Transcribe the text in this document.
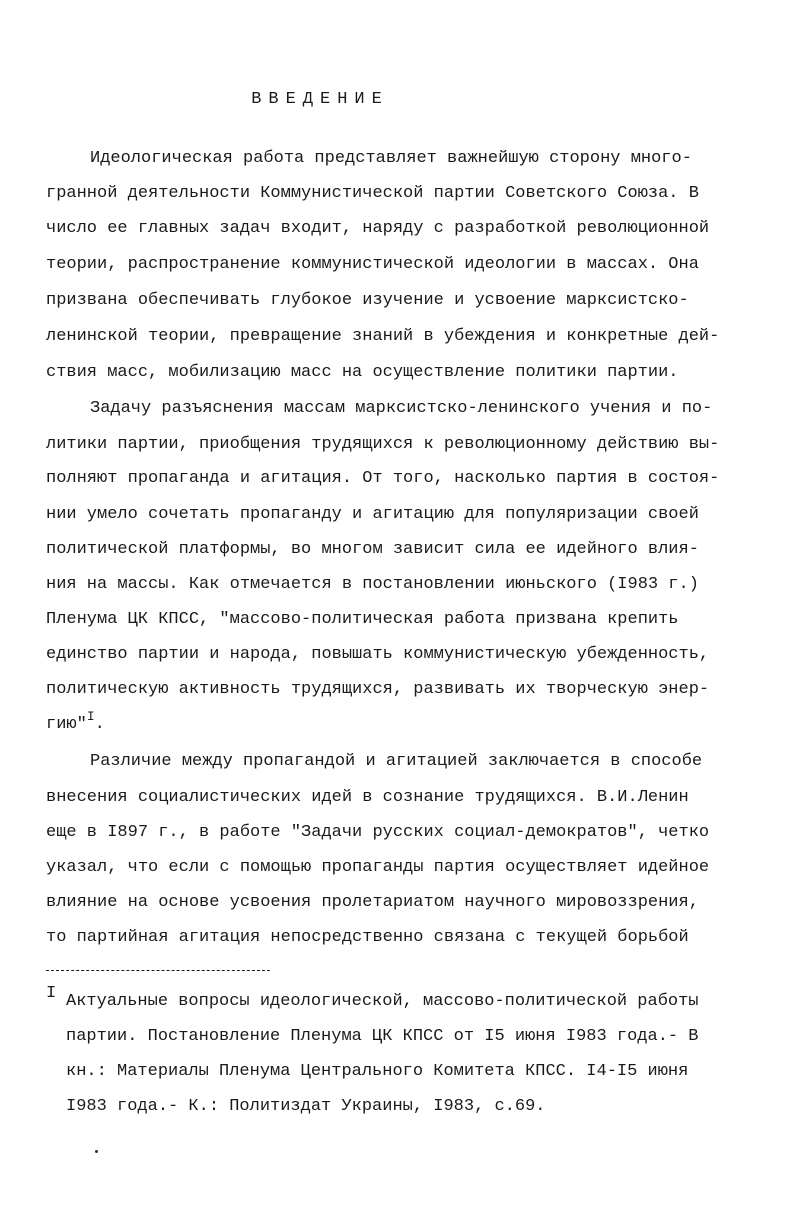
ВВЕДЕНИЕ
Идеологическая работа представляет важнейшую сторону много-
гранной деятельности Коммунистической партии Советского Союза. В
число ее главных задач входит, наряду с разработкой революционной
теории, распространение коммунистической идеологии в массах. Она
призвана обеспечивать глубокое изучение и усвоение марксистско-
ленинской теории, превращение знаний в убеждения и конкретные дей-
ствия масс, мобилизацию масс на осуществление политики партии.
Задачу разъяснения массам марксистско-ленинского учения и по-
литики партии, приобщения трудящихся к революционному действию вы-
полняют пропаганда и агитация. От того, насколько партия в состоя-
нии умело сочетать пропаганду и агитацию для популяризации своей
политической платформы, во многом зависит сила ее идейного влия-
ния на массы. Как отмечается в постановлении июньского (I983 г.)
Пленума ЦК КПСС, "массово-политическая работа призвана крепить
единство партии и народа, повышать коммунистическую убежденность,
политическую активность трудящихся, развивать их творческую энер-
гию"$^I$.
Различие между пропагандой и агитацией заключается в способе
внесения социалистических идей в сознание трудящихся. В.И.Ленин
еще в I897 г., в работе "Задачи русских социал-демократов", четко
указал, что если с помощью пропаганды партия осуществляет идейное
влияние на основе усвоения пролетариатом научного мировоззрения,
то партийная агитация непосредственно связана с текущей борьбой
I Актуальные вопросы идеологической, массово-политической работы
партии. Постановление Пленума ЦК КПСС от I5 июня I983 года.- В
кн.: Материалы Пленума Центрального Комитета КПСС. I4-I5 июня
I983 года.- К.: Политиздат Украины, I983, с.69.
